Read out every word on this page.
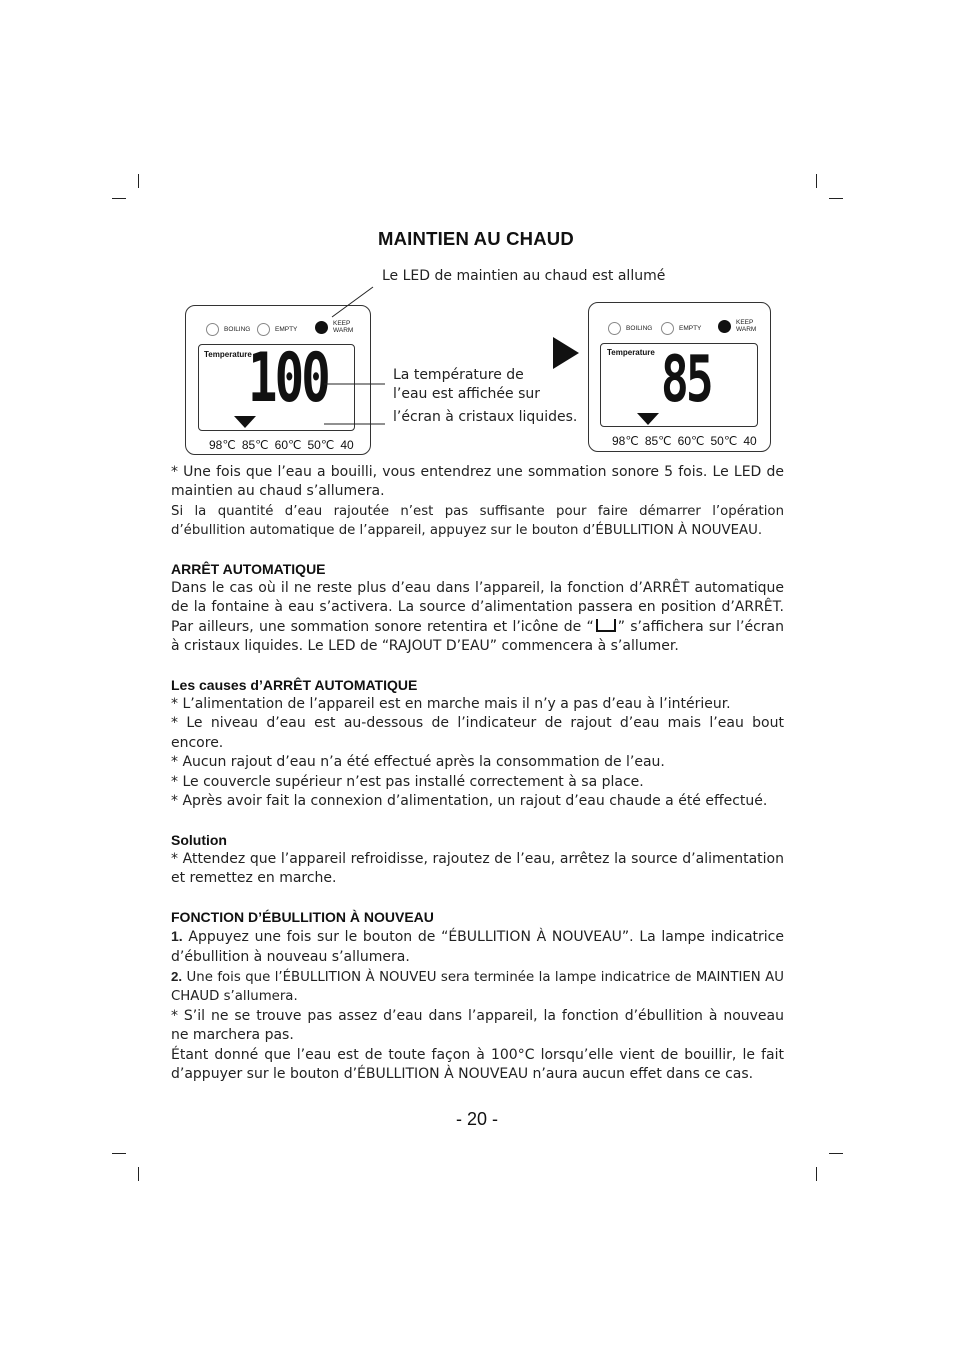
MAINTIEN AU CHAUD
Le LED de maintien au chaud est allumé
BOILING	EMPTY
KEEP WARM
Temperature
100
98℃ 85℃ 60℃ 50℃ 40
BOILING	EMPTY
KEEP WARM
Temperature 85
98℃ 85℃ 60℃ 50℃ 40
La température de
l’eau est affichée sur
l’écran à cristaux liquides.

* Une fois que l’eau a bouilli, vous entendrez une sommation sonore 5 fois. Le LED de maintien au chaud s’allumera.

Si la quantité d’eau rajoutée n’est pas suffisante pour faire démarrer l’opération d’ébullition automatique de l’appareil, appuyez sur le bouton d’ÉBULLITION À NOUVEAU.

ARRÊT AUTOMATIQUE

Dans le cas où il ne reste plus d’eau dans l’appareil, la fonction d’ARRÊT automatique de la fontaine à eau s’activera. La source d’alimentation passera en position d’ARRÊT. Par ailleurs, une sommation sonore retentira et l’icône de “ ” s’affichera sur l’écran à cristaux liquides. Le LED de “RAJOUT D’EAU” commencera à s’allumer.

Les causes d’ARRÊT AUTOMATIQUE

* L’alimentation de l’appareil est en marche mais il n’y a pas d’eau à l’intérieur.

* Le niveau d’eau est au-dessous de l’indicateur de rajout d’eau mais l’eau bout encore.

* Aucun rajout d’eau n’a été effectué après la consommation de l’eau.

* Le couvercle supérieur n’est pas installé correctement à sa place.

* Après avoir fait la connexion d’alimentation, un rajout d’eau chaude a été effectué.

Solution

* Attendez que l’appareil refroidisse, rajoutez de l’eau, arrêtez la source d’alimentation et remettez en marche.

FONCTION D’ÉBULLITION À NOUVEAU

1. Appuyez une fois sur le bouton de “ÉBULLITION À NOUVEAU”. La lampe indicatrice d’ébullition à nouveau s’allumera.

2. Une fois que l’ÉBULLITION À NOUVEU sera terminée la lampe indicatrice de MAINTIEN AU CHAUD s’allumera.

* S’il ne se trouve pas assez d’eau dans l’appareil, la fonction d’ébullition à nouveau ne marchera pas.

Étant donné que l’eau est de toute façon à 100°C lorsqu’elle vient de bouillir, le fait d’appuyer sur le bouton d’ÉBULLITION À NOUVEAU n’aura aucun effet dans ce cas.

- 20 -
